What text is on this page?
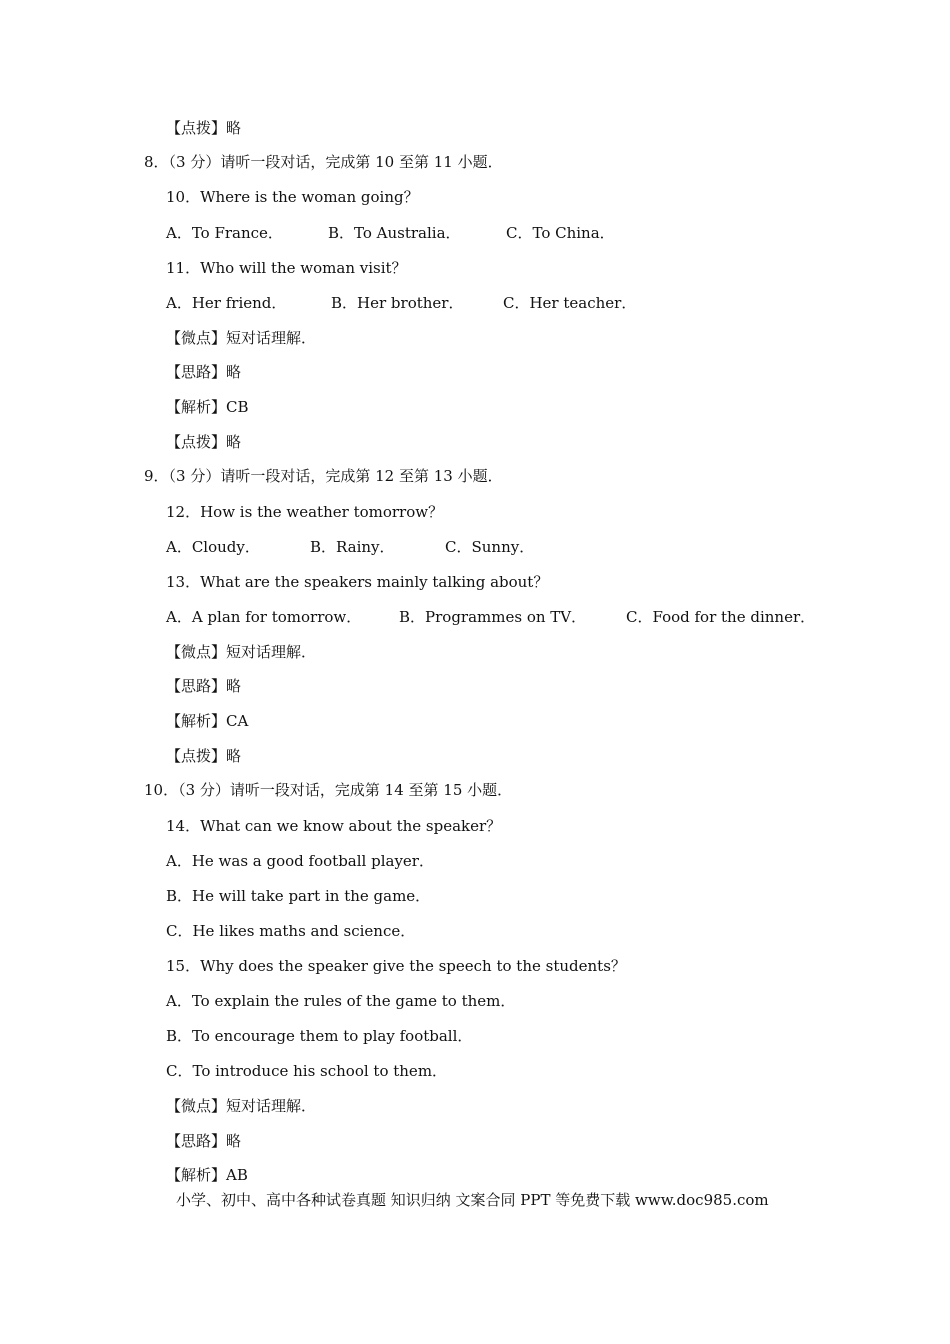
【点拨】略
8．（3 分）请听一段对话，完成第 10 至第 11 小题．
10．Where is the woman going？
A．To France．	B．To Australia．	C．To China．
11．Who will the woman visit？
A．Her friend．	B．Her brother．	C．Her teacher．
【微点】短对话理解．
【思路】略
【解析】CB
【点拨】略
9．（3 分）请听一段对话，完成第 12 至第 13 小题．
12．How is the weather tomorrow？
A．Cloudy．	B．Rainy．	C．Sunny．
13．What are the speakers mainly talking about？
A．A plan for tomorrow．	B．Programmes on TV．	C．Food for the dinner．
【微点】短对话理解．
【思路】略
【解析】CA
【点拨】略
10．（3 分）请听一段对话，完成第 14 至第 15 小题．
14．What can we know about the speaker？
A．He was a good football player．
B．He will take part in the game．
C．He likes maths and science．
15．Why does the speaker give the speech to the students？
A．To explain the rules of the game to them．
B．To encourage them to play football．
C．To introduce his school to them．
【微点】短对话理解．
【思路】略
【解析】AB
小学、初中、高中各种试卷真题 知识归纳 文案合同 PPT 等免费下载 www.doc985.com
